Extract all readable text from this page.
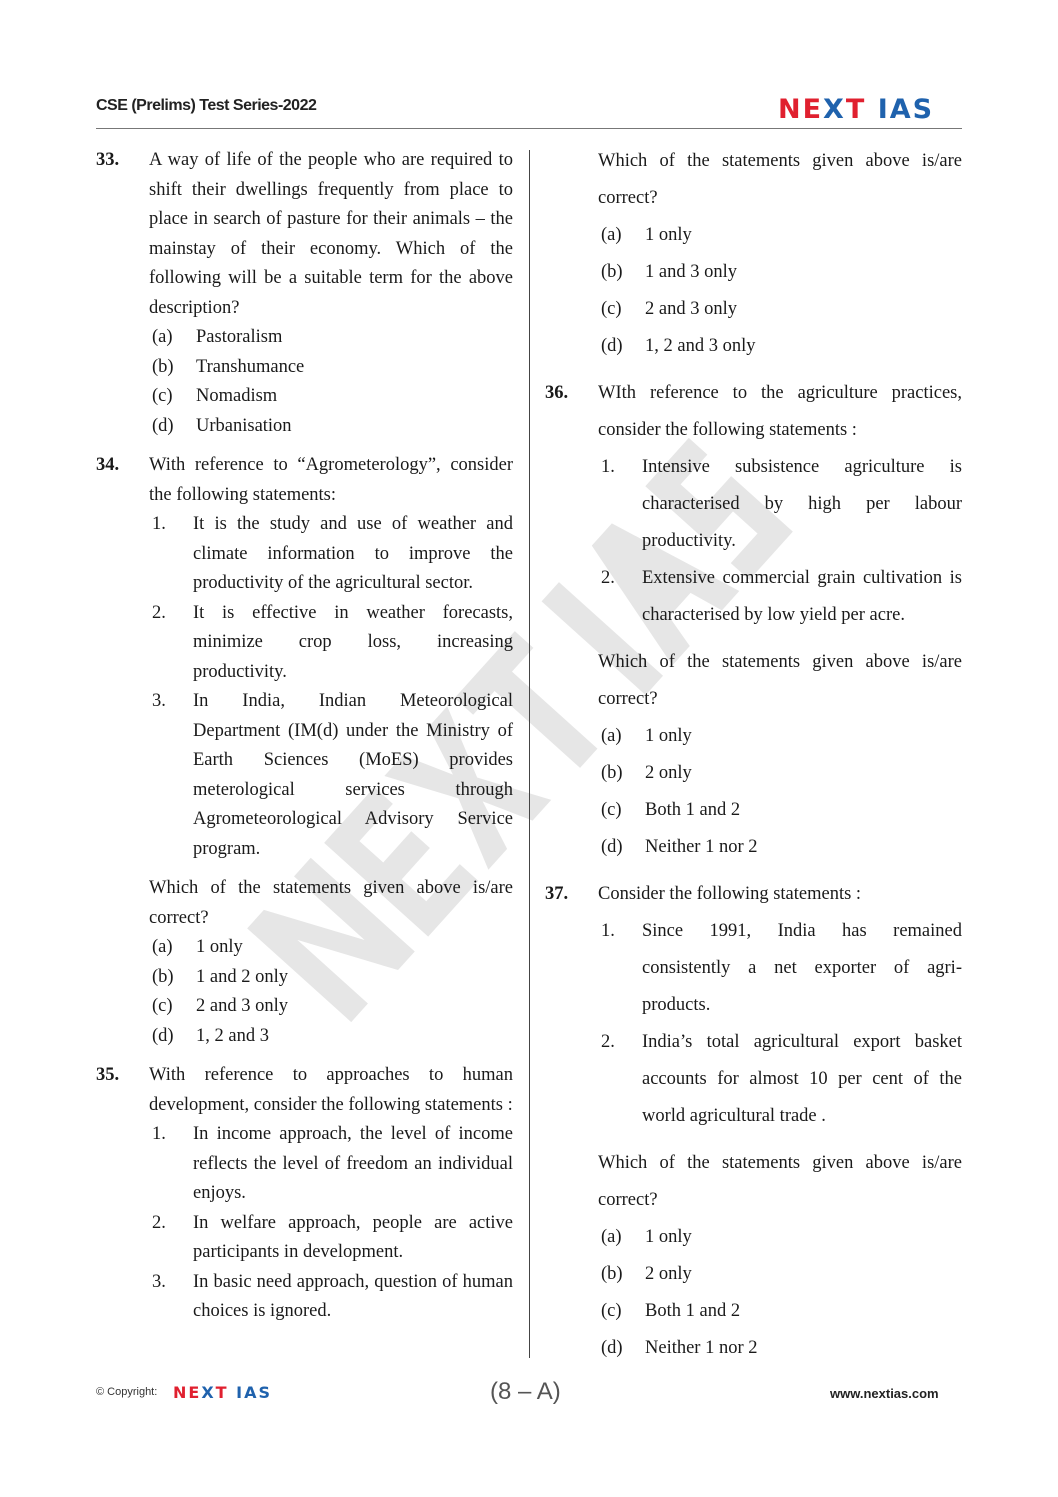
CSE (Prelims) Test Series-2022	NEXT IAS
33.	A way of life of the people who are required to shift their dwellings frequently from place to place in search of pasture for their animals – the mainstay of their economy. Which of the following will be a suitable term for the above description?
(a)	Pastoralism
(b)	Transhumance
(c)	Nomadism
(d)	Urbanisation
34.	With reference to “Agrometerology”, consider the following statements:
1.	It is the study and use of weather and climate information to improve the productivity of the agricultural sector.
2.	It is effective in weather forecasts, minimize crop loss, increasing productivity.
3.	In India, Indian Meteorological Department (IM(d) under the Ministry of Earth Sciences (MoES) provides meterological services through Agrometeorological Advisory Service program.
Which of the statements given above is/are correct?
(a)	1 only
(b)	1 and 2 only
(c)	2 and 3 only
(d)	1, 2 and 3
35.	With reference to approaches to human development, consider the following statements :
1.	In income approach, the level of income reflects the level of freedom an individual enjoys.
2.	In welfare approach, people are active participants in development.
3.	In basic need approach, question of human choices is ignored.
Which of the statements given above is/are correct?
(a)	1 only
(b)	1 and 3 only
(c)	2 and 3 only
(d)	1, 2 and 3 only
36.	WIth reference to the agriculture practices, consider the following statements :
1.	Intensive subsistence agriculture is characterised by high per labour productivity.
2.	Extensive commercial grain cultivation is characterised by low yield per acre.
Which of the statements given above is/are correct?
(a)	1 only
(b)	2 only
(c)	Both 1 and 2
(d)	Neither 1 nor 2
37.	Consider the following statements :
1.	Since 1991, India has remained consistently a net exporter of agri-products.
2.	India’s total agricultural export basket accounts for almost 10 per cent of the world agricultural trade .
Which of the statements given above is/are correct?
(a)	1 only
(b)	2 only
(c)	Both 1 and 2
(d)	Neither 1 nor 2
© Copyright: NEXT IAS	(8 – A)	www.nextias.com
